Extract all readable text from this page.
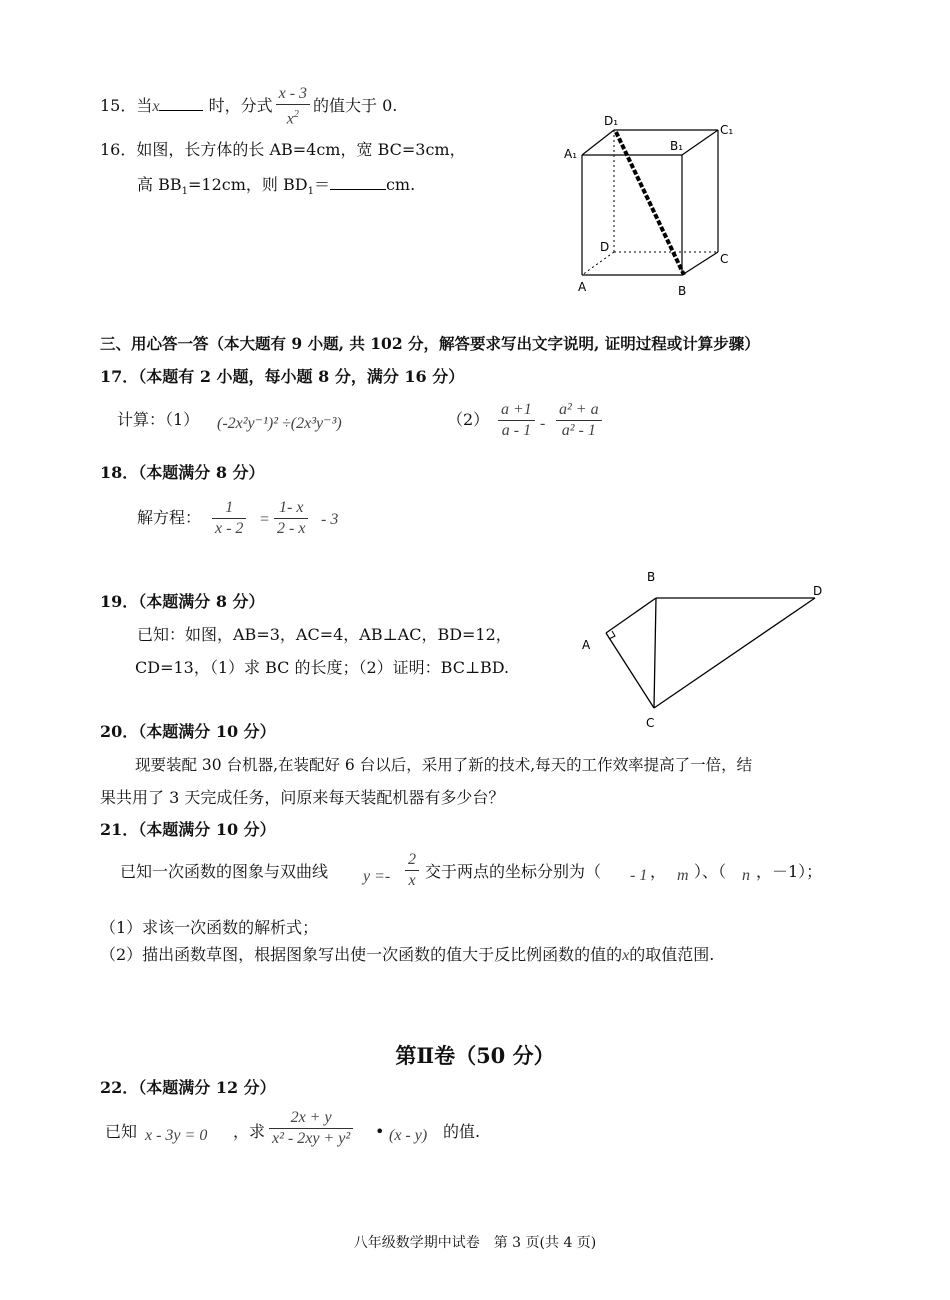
15．当x	时，分式 $\frac{x - 3}{x^2}$ 的值大于 0.
16．如图，长方体的长 AB=4cm，宽 BC=3cm，
高 $BB_1=12cm$，则 $BD_1=$	cm.
D₁
C₁
A₁
B₁
D
C
A	B
三、用心答一答（本大题有 9 小题, 共 102 分，解答要求写出文字说明, 证明过程或计算步骤）
17．（本题有 2 小题，每小题 8 分，满分 16 分）
计算：（1） (-2x²y⁻¹)² ÷(2x³y⁻³)	$(2) \frac{a +1}{a - 1} - \frac{\text{a² + a}}{\text{a² - 1}}$
18．（本题满分 8 分）
解方程： $\frac{1}{x - 2} = \frac{1- x}{2 - x} - 3$
19．（本题满分 8 分）
已知：如图，AB=3，AC=4，AB⊥AC，BD=12，
CD=13，（1）求 BC 的长度；（2）证明：BC⊥BD.
B
D
A
C
20．（本题满分 10 分）
现要装配 30 台机器,在装配好 6 台以后，采用了新的技术,每天的工作效率提高了一倍，结
果共用了 3 天完成任务，问原来每天装配机器有多少台？
21．（本题满分 10 分）
已知一次函数的图象与双曲线 $y =- \frac{2}{x}$ 交于两点的坐标分别为（ - 1 ， m ）、（ n ，－1）；
（1）求该一次函数的解析式；
（2）描出函数草图，根据图象写出使一次函数的值大于反比例函数的值的x的取值范围.
第Ⅱ卷（50 分）
22．（本题满分 12 分）
已知 x - 3y = 0 ，求 $\frac{2x + y}{\text{x² - 2xy + y²}}$ • (x - y) 的值.
八年级数学期中试卷　第 3 页(共 4 页)
